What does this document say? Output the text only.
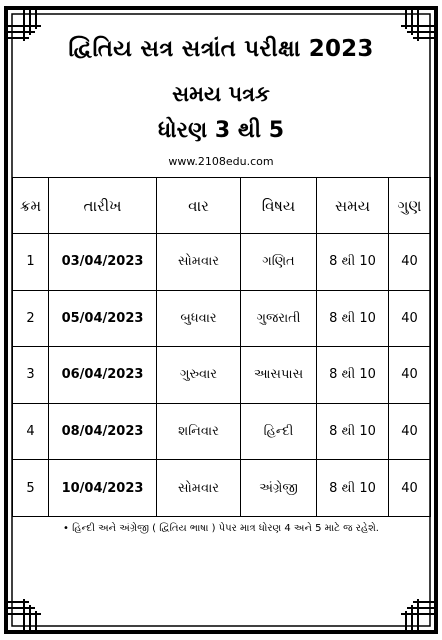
દ્વિતિય સત્ર સત્રાંત પરીક્ષા 2023
સમય પત્રક
ધોરણ 3 થી 5
www.2108edu.com
ક્રમ	તારીખ	વાર	વિષય	સમય	ગુણ
1	03/04/2023	સોમવાર	ગણિત	8 થી 10	40
2	05/04/2023	બુધવાર	ગુજરાતી	8 થી 10	40
3	06/04/2023	ગુરુવાર	આસપાસ	8 થી 10	40
4	08/04/2023	શનિવાર	હિન્દી	8 થી 10	40
5	10/04/2023	સોમવાર	અંગ્રેજી	8 થી 10	40
• હિન્દી અને અંગ્રેજી ( દ્વિતિય ભાષા ) પેપર માત્ર ધોરણ 4 અને 5 માટે જ રહેશે.
